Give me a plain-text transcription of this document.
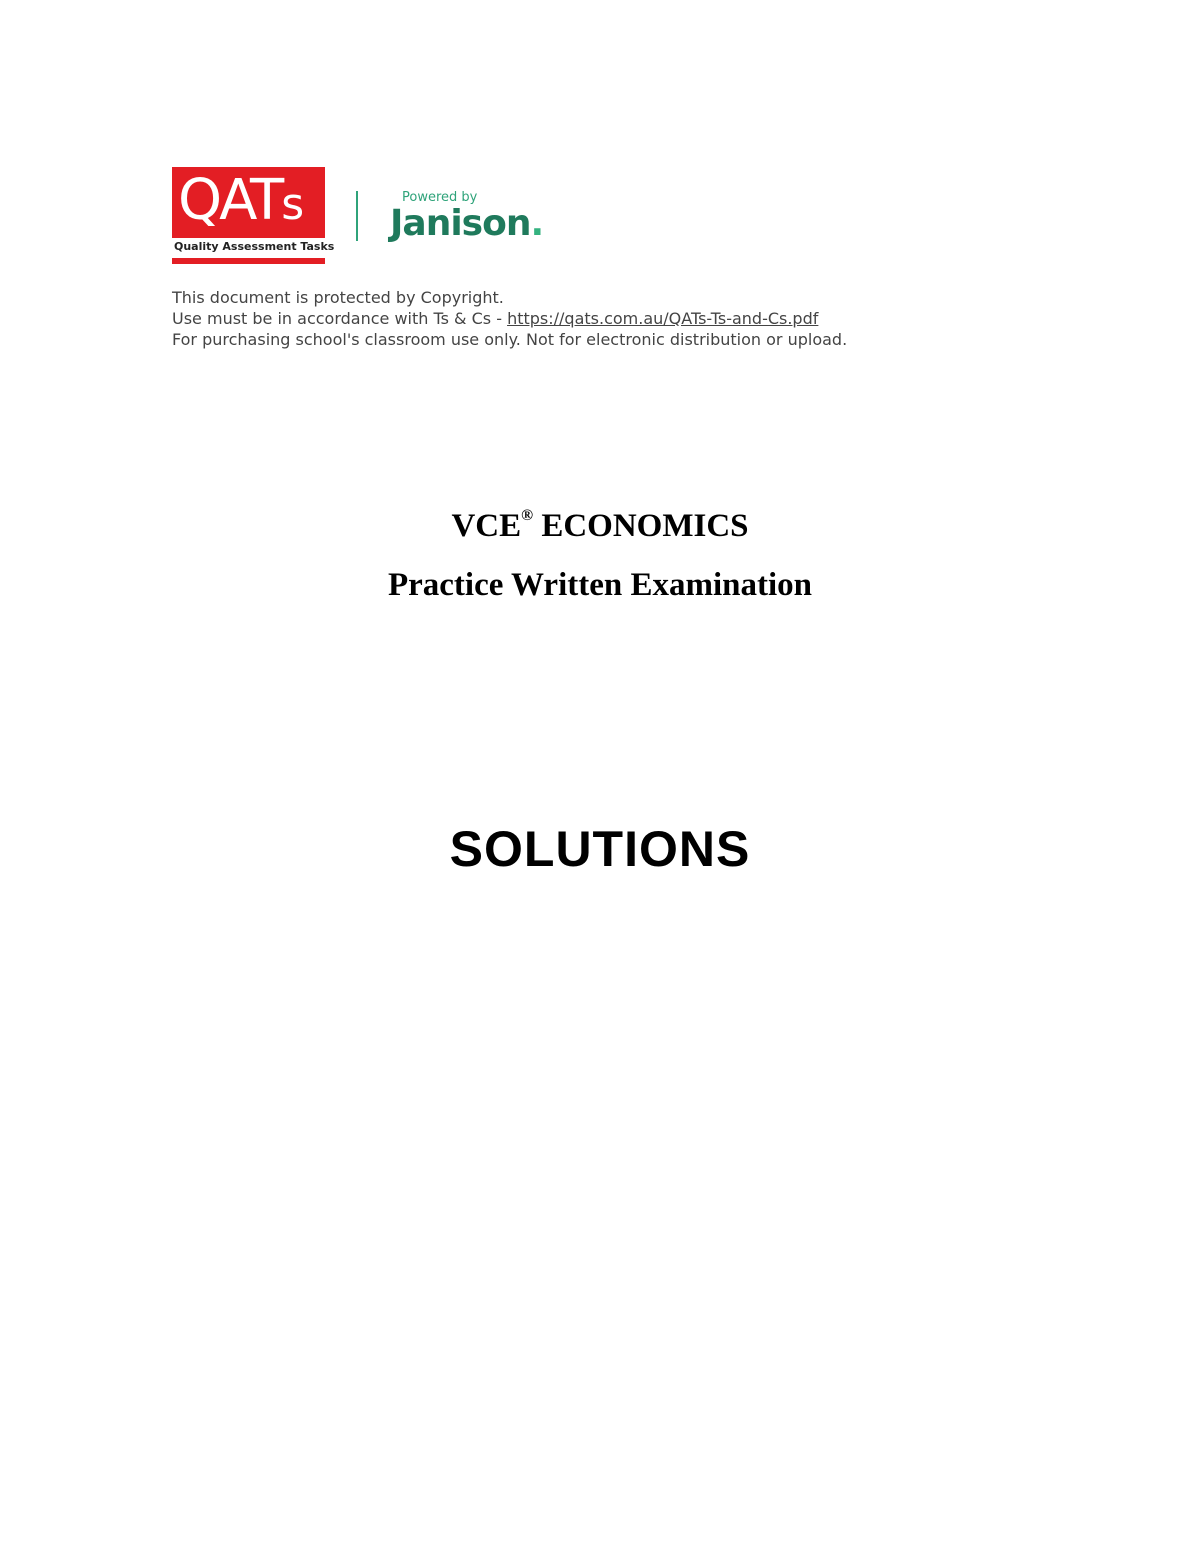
QATs
Quality Assessment Tasks
Powered by
Janison.
This document is protected by Copyright.
Use must be in accordance with Ts & Cs - https://qats.com.au/QATs-Ts-and-Cs.pdf
For purchasing school's classroom use only. Not for electronic distribution or upload.
VCE® ECONOMICS
Practice Written Examination
SOLUTIONS
